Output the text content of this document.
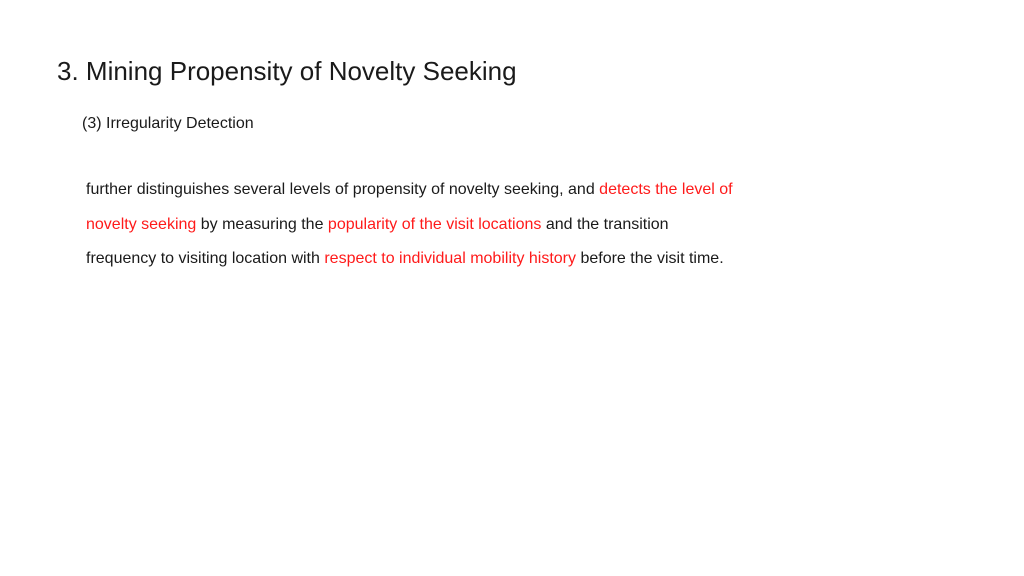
3. Mining Propensity of Novelty Seeking

(3) Irregularity Detection

further distinguishes several levels of propensity of novelty seeking, and detects the level of
novelty seeking by measuring the popularity of the visit locations and the transition
frequency to visiting location with respect to individual mobility history before the visit time.
